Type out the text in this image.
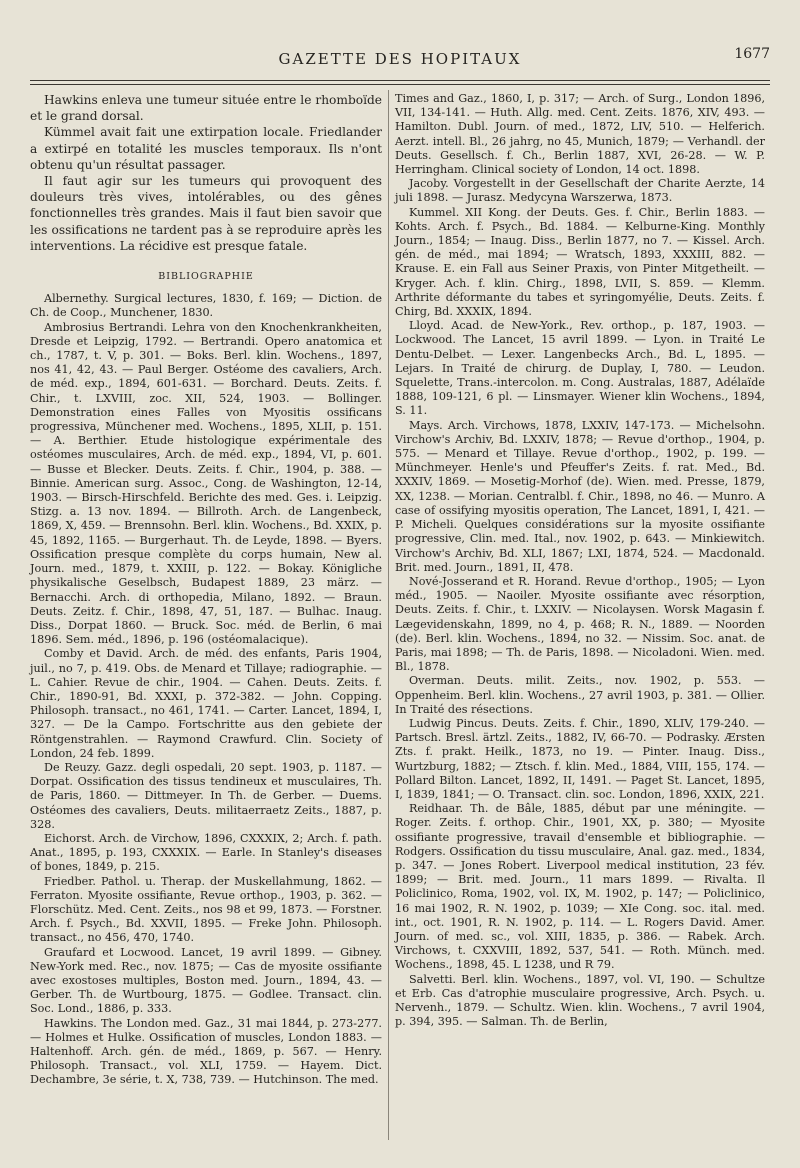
GAZETTE DES HOPITAUX	1677

Hawkins enleva une tumeur située entre le rhomboïde et le grand dorsal.

Kümmel avait fait une extirpation locale. Friedlander a extirpé en totalité les muscles temporaux. Ils n'ont obtenu qu'un résultat passager.

Il faut agir sur les tumeurs qui provoquent des douleurs très vives, intolérables, ou des gênes fonctionnelles très grandes. Mais il faut bien savoir que les ossifications ne tardent pas à se reproduire après les interventions. La récidive est presque fatale.

BIBLIOGRAPHIE

Albernethy. Surgical lectures, 1830, f. 169; — Diction. de Ch. de Coop., Munchener, 1830.

Ambrosius Bertrandi. Lehra von den Knochenkrankheiten, Dresde et Leipzig, 1792. — Bertrandi. Opero anatomica et ch., 1787, t. V, p. 301. — Boks. Berl. klin. Wochens., 1897, nos 41, 42, 43. — Paul Berger. Ostéome des cavaliers, Arch. de méd. exp., 1894, 601-631. — Borchard. Deuts. Zeits. f. Chir., t. LXVIII, zoc. XII, 524, 1903. — Bollinger. Demonstration eines Falles von Myositis ossificans progressiva, Münchener med. Wochens., 1895, XLII, p. 151. — A. Berthier. Etude histologique expérimentale des ostéomes musculaires, Arch. de méd. exp., 1894, VI, p. 601. — Busse et Blecker. Deuts. Zeits. f. Chir., 1904, p. 388. — Binnie. American surg. Assoc., Cong. de Washington, 12-14, 1903. — Birsch-Hirschfeld. Berichte des med. Ges. i. Leipzig. Stizg. a. 13 nov. 1894. — Billroth. Arch. de Langenbeck, 1869, X, 459. — Brennsohn. Berl. klin. Wochens., Bd. XXIX, p. 45, 1892, 1165. — Burgerhaut. Th. de Leyde, 1898. — Byers. Ossification presque complète du corps humain, New al. Journ. med., 1879, t. XXIII, p. 122. — Bokay. Königliche physikalische Geselbsch, Budapest 1889, 23 märz. — Bernacchi. Arch. di orthopedia, Milano, 1892. — Braun. Deuts. Zeitz. f. Chir., 1898, 47, 51, 187. — Bulhac. Inaug. Diss., Dorpat 1860. — Bruck. Soc. méd. de Berlin, 6 mai 1896. Sem. méd., 1896, p. 196 (ostéomalacique).

Comby et David. Arch. de méd. des enfants, Paris 1904, juil., no 7, p. 419. Obs. de Menard et Tillaye; radiographie. — L. Cahier. Revue de chir., 1904. — Cahen. Deuts. Zeits. f. Chir., 1890-91, Bd. XXXI, p. 372-382. — John. Copping. Philosoph. transact., no 461, 1741. — Carter. Lancet, 1894, I, 327. — De la Campo. Fortschritte aus den gebiete der Röntgenstrahlen. — Raymond Crawfurd. Clin. Society of London, 24 feb. 1899.

De Reuzy. Gazz. degli ospedali, 20 sept. 1903, p. 1187. — Dorpat. Ossification des tissus tendineux et musculaires, Th. de Paris, 1860. — Dittmeyer. In Th. de Gerber. — Duems. Ostéomes des cavaliers, Deuts. militaerraetz Zeits., 1887, p. 328.

Eichorst. Arch. de Virchow, 1896, CXXXIX, 2; Arch. f. path. Anat., 1895, p. 193, CXXXIX. — Earle. In Stanley's diseases of bones, 1849, p. 215.

Friedber. Pathol. u. Therap. der Muskellahmung, 1862. — Ferraton. Myosite ossifiante, Revue orthop., 1903, p. 362. — Florschütz. Med. Cent. Zeits., nos 98 et 99, 1873. — Forstner. Arch. f. Psych., Bd. XXVII, 1895. — Freke John. Philosoph. transact., no 456, 470, 1740.

Graufard et Locwood. Lancet, 19 avril 1899. — Gibney. New-York med. Rec., nov. 1875; — Cas de myosite ossifiante avec exostoses multiples, Boston med. Journ., 1894, 43. — Gerber. Th. de Wurtbourg, 1875. — Godlee. Transact. clin. Soc. Lond., 1886, p. 333.

Hawkins. The London med. Gaz., 31 mai 1844, p. 273-277. — Holmes et Hulke. Ossification of muscles, London 1883. — Haltenhoff. Arch. gén. de méd., 1869, p. 567. — Henry. Philosoph. Transact., vol. XLI, 1759. — Hayem. Dict. Dechambre, 3e série, t. X, 738, 739. — Hutchinson. The med.

Times and Gaz., 1860, I, p. 317; — Arch. of Surg., London 1896, VII, 134-141. — Huth. Allg. med. Cent. Zeits. 1876, XIV, 493. — Hamilton. Dubl. Journ. of med., 1872, LIV, 510. — Helferich. Aerzt. intell. Bl., 26 jahrg, no 45, Munich, 1879; — Verhandl. der Deuts. Gesellsch. f. Ch., Berlin 1887, XVI, 26-28. — W. P. Herringham. Clinical society of London, 14 oct. 1898.

Jacoby. Vorgestellt in der Gesellschaft der Charite Aerzte, 14 juli 1898. — Jurasz. Medycyna Warszerwa, 1873.

Kummel. XII Kong. der Deuts. Ges. f. Chir., Berlin 1883. — Kohts. Arch. f. Psych., Bd. 1884. — Kelburne-King. Monthly Journ., 1854; — Inaug. Diss., Berlin 1877, no 7. — Kissel. Arch. gén. de méd., mai 1894; — Wratsch, 1893, XXXIII, 882. — Krause. E. ein Fall aus Seiner Praxis, von Pinter Mitgetheilt. — Kryger. Ach. f. klin. Chirg., 1898, LVII, S. 859. — Klemm. Arthrite déformante du tabes et syringomyélie, Deuts. Zeits. f. Chirg, Bd. XXXIX, 1894.

Lloyd. Acad. de New-York., Rev. orthop., p. 187, 1903. — Lockwood. The Lancet, 15 avril 1899. — Lyon. in Traité Le Dentu-Delbet. — Lexer. Langenbecks Arch., Bd. L, 1895. — Lejars. In Traité de chirurg. de Duplay, I, 780. — Leudon. Squelette, Trans.-intercolon. m. Cong. Australas, 1887, Adélaïde 1888, 109-121, 6 pl. — Linsmayer. Wiener klin Wochens., 1894, S. 11.

Mays. Arch. Virchows, 1878, LXXIV, 147-173. — Michelsohn. Virchow's Archiv, Bd. LXXIV, 1878; — Revue d'orthop., 1904, p. 575. — Menard et Tillaye. Revue d'orthop., 1902, p. 199. — Münchmeyer. Henle's und Pfeuffer's Zeits. f. rat. Med., Bd. XXXIV, 1869. — Mosetig-Morhof (de). Wien. med. Presse, 1879, XX, 1238. — Morian. Centralbl. f. Chir., 1898, no 46. — Munro. A case of ossifying myositis operation, The Lancet, 1891, I, 421. — P. Micheli. Quelques considérations sur la myosite ossifiante progressive, Clin. med. Ital., nov. 1902, p. 643. — Minkiewitch. Virchow's Archiv, Bd. XLI, 1867; LXI, 1874, 524. — Macdonald. Brit. med. Journ., 1891, II, 478.

Nové-Josserand et R. Horand. Revue d'orthop., 1905; — Lyon méd., 1905. — Naoiler. Myosite ossifiante avec résorption, Deuts. Zeits. f. Chir., t. LXXIV. — Nicolaysen. Worsk Magasin f. Lægevidenskahn, 1899, no 4, p. 468; R. N., 1889. — Noorden (de). Berl. klin. Wochens., 1894, no 32. — Nissim. Soc. anat. de Paris, mai 1898; — Th. de Paris, 1898. — Nicoladoni. Wien. med. Bl., 1878.

Overman. Deuts. milit. Zeits., nov. 1902, p. 553. — Oppenheim. Berl. klin. Wochens., 27 avril 1903, p. 381. — Ollier. In Traité des résections.

Ludwig Pincus. Deuts. Zeits. f. Chir., 1890, XLIV, 179-240. — Partsch. Bresl. ärtzl. Zeits., 1882, IV, 66-70. — Podrasky. Ærsten Zts. f. prakt. Heilk., 1873, no 19. — Pinter. Inaug. Diss., Wurtzburg, 1882; — Ztsch. f. klin. Med., 1884, VIII, 155, 174. — Pollard Bilton. Lancet, 1892, II, 1491. — Paget St. Lancet, 1895, I, 1839, 1841; — O. Transact. clin. soc. London, 1896, XXIX, 221.

Reidhaar. Th. de Bâle, 1885, début par une méningite. — Roger. Zeits. f. orthop. Chir., 1901, XX, p. 380; — Myosite ossifiante progressive, travail d'ensemble et bibliographie. — Rodgers. Ossification du tissu musculaire, Anal. gaz. med., 1834, p. 347. — Jones Robert. Liverpool medical institution, 23 fév. 1899; — Brit. med. Journ., 11 mars 1899. — Rivalta. Il Policlinico, Roma, 1902, vol. IX, M. 1902, p. 147; — Policlinico, 16 mai 1902, R. N. 1902, p. 1039; — XIe Cong. soc. ital. med. int., oct. 1901, R. N. 1902, p. 114. — L. Rogers David. Amer. Journ. of med. sc., vol. XIII, 1835, p. 386. — Rabek. Arch. Virchows, t. CXXVIII, 1892, 537, 541. — Roth. Münch. med. Wochens., 1898, 45. L 1238, und R 79.

Salvetti. Berl. klin. Wochens., 1897, vol. VI, 190. — Schultze et Erb. Cas d'atrophie musculaire progressive, Arch. Psych. u. Nervenh., 1879. — Schultz. Wien. klin. Wochens., 7 avril 1904, p. 394, 395. — Salman. Th. de Berlin,
